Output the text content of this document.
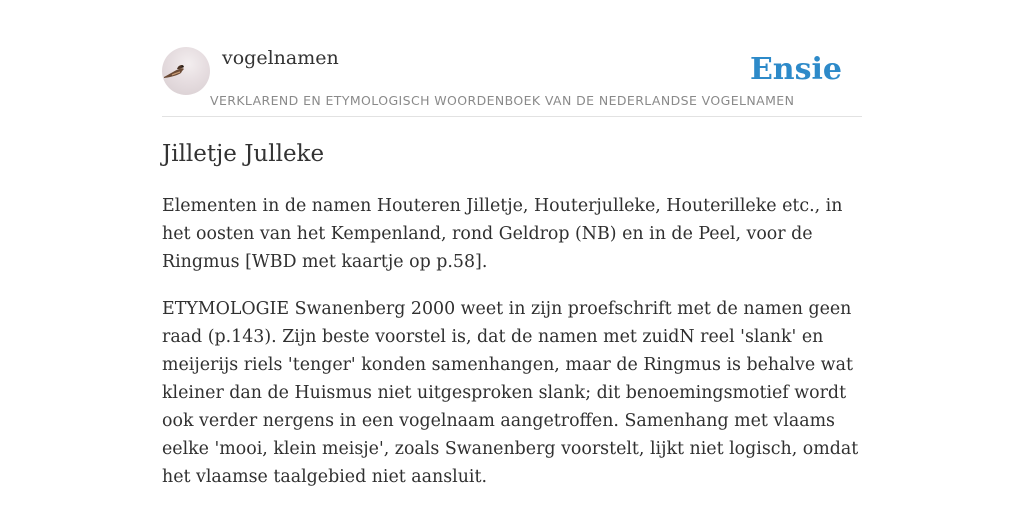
vogelnamen	Ensie
VERKLAREND EN ETYMOLOGISCH WOORDENBOEK VAN DE NEDERLANDSE VOGELNAMEN
Jilletje Julleke

Elementen in de namen Houteren Jilletje, Houterjulleke, Houterilleke etc., in het oosten van het Kempenland, rond Geldrop (NB) en in de Peel, voor de Ringmus [WBD met kaartje op p.58].

ETYMOLOGIE Swanenberg 2000 weet in zijn proefschrift met de namen geen raad (p.143). Zijn beste voorstel is, dat de namen met zuidN reel 'slank' en meijerijs riels 'tenger' konden samenhangen, maar de Ringmus is behalve wat kleiner dan de Huismus niet uitgesproken slank; dit benoemingsmotief wordt ook verder nergens in een vogelnaam aangetroffen. Samenhang met vlaams eelke 'mooi, klein meisje', zoals Swanenberg voorstelt, lijkt niet logisch, omdat het vlaamse taalgebied niet aansluit.
